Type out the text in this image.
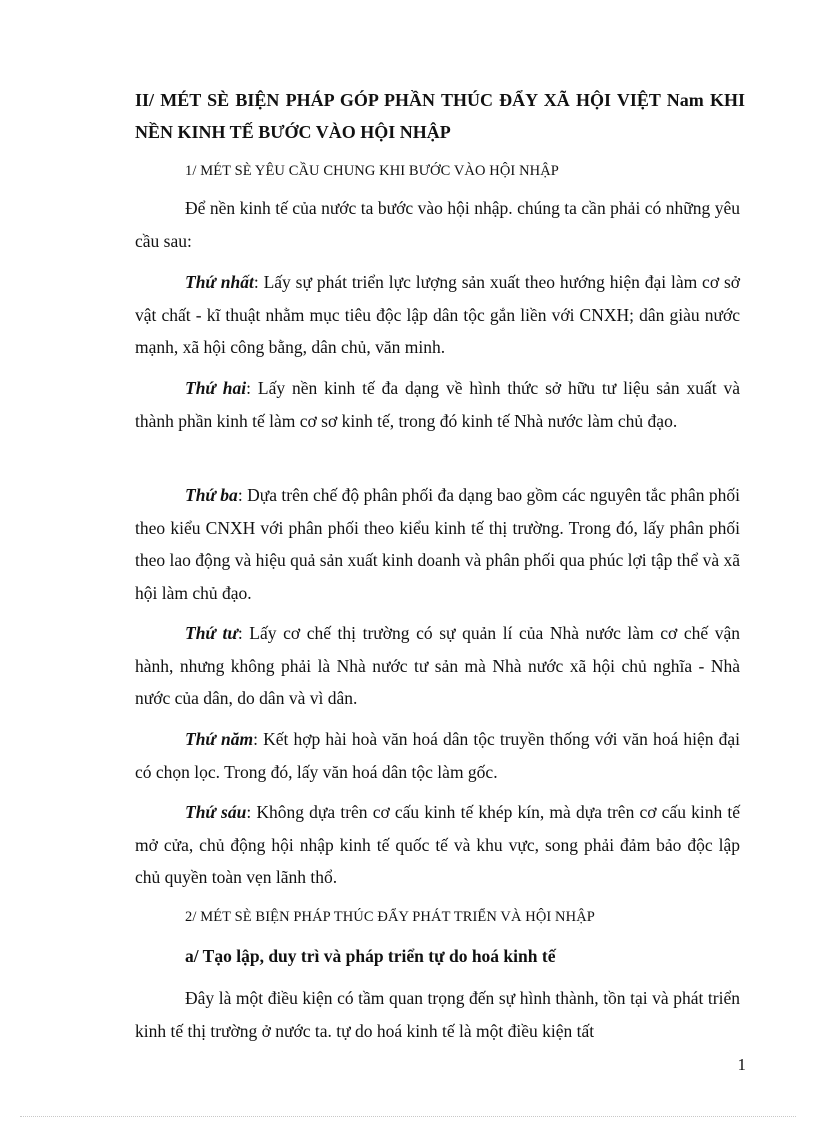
II/ MÉT SÈ BIỆN PHÁP GÓP PHẦN THÚC ĐẨY XÃ HỘI VIỆT Nam KHI NỀN KINH TẾ BƯỚC VÀO HỘI NHẬP
1/ MÉT SÈ YÊU CẦU CHUNG KHI BƯỚC VÀO HỘI NHẬP
Để nền kinh tế của nước ta bước vào hội nhập. chúng ta cần phải có những yêu cầu sau:
Thứ nhất: Lấy sự phát triển lực lượng sản xuất theo hướng hiện đại làm cơ sở vật chất - kĩ thuật nhằm mục tiêu độc lập dân tộc gắn liền với CNXH; dân giàu nước mạnh, xã hội công bằng, dân chủ, văn minh.
Thứ hai: Lấy nền kinh tế đa dạng về hình thức sở hữu tư liệu sản xuất và thành phần kinh tế làm cơ sơ kinh tế, trong đó kinh tế Nhà nước làm chủ đạo.
Thứ ba: Dựa trên chế độ phân phối đa dạng bao gồm các nguyên tắc phân phối theo kiểu CNXH với phân phối theo kiểu kinh tế thị trường. Trong đó, lấy phân phối theo lao động và hiệu quả sản xuất kinh doanh và phân phối qua phúc lợi tập thể và xã hội làm chủ đạo.
Thứ tư: Lấy cơ chế thị trường có sự quản lí của Nhà nước làm cơ chế vận hành, nhưng không phải là Nhà nước tư sản mà Nhà nước xã hội chủ nghĩa - Nhà nước của dân, do dân và vì dân.
Thứ năm: Kết hợp hài hoà văn hoá dân tộc truyền thống với văn hoá hiện đại có chọn lọc. Trong đó, lấy văn hoá dân tộc làm gốc.
Thứ sáu: Không dựa trên cơ cấu kinh tế khép kín, mà dựa trên cơ cấu kinh tế mở cửa, chủ động hội nhập kinh tế quốc tế và khu vực, song phải đảm bảo độc lập chủ quyền toàn vẹn lãnh thổ.
2/ MÉT SÈ BIỆN PHÁP THÚC ĐẨY PHÁT TRIỂN VÀ HỘI NHẬP
a/ Tạo lập, duy trì và pháp triển tự do hoá kinh tế
Đây là một điều kiện có tầm quan trọng đến sự hình thành, tồn tại và phát triển kinh tế thị trường ở nước ta. tự do hoá kinh tế là một điều kiện tất
1
